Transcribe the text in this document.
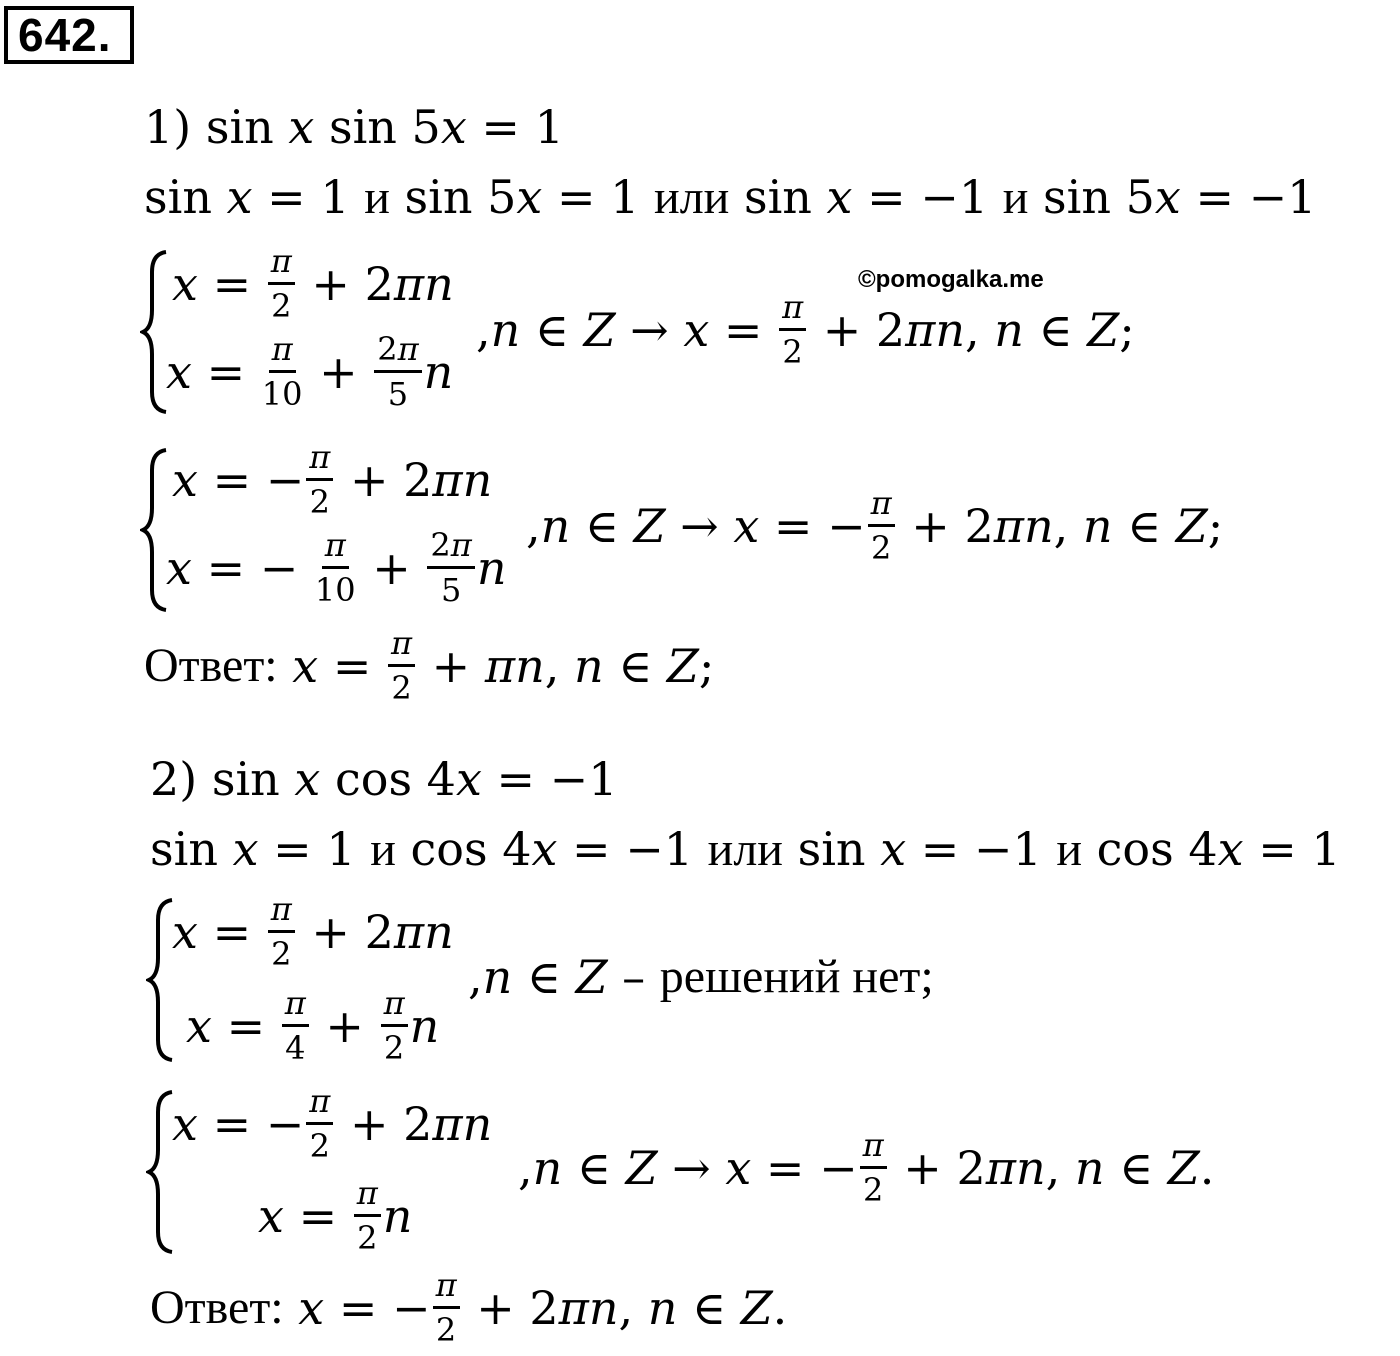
642.
©pomogalka.me
1) sin x sin 5x = 1
sin x = 1 и sin 5x = 1 или sin x = −1 и sin 5x = −1
$x = \frac{\pi}{2} + 2$ πn
$x = \frac{\pi}{10} + \frac{2\pi}{5}$ n
, n ∈ $Z \to x = \frac{\pi}{2} + 2$ πn , n ∈ Z ;
x = − $\frac{\pi}{2} + 2$ πn
x = − $\frac{\pi}{10} + \frac{2\pi}{5}$ n
, n ∈ Z → x = − $\frac{\pi}{2} + 2$ πn , n ∈ Z ;
Ответ:
$x = \frac{\pi}{2} + \pi n$ , n ∈ Z ;
2) sin x cos 4x = −1
sin x = 1 и cos 4x = −1 или sin x = −1 и cos 4x = 1
$x = \frac{\pi}{2} + 2$ πn
$x = \frac{\pi}{4} + \frac{\pi}{2}$ n
, n ∈ Z – решений нет;
x = − $\frac{\pi}{2} + 2$ πn
$x = \frac{\pi}{2}$ n
, n ∈ Z → x = − $\frac{\pi}{2} + 2$ πn , n ∈ Z .
Ответ:
x = − $\frac{\pi}{2} + 2$ πn , n ∈ Z .
